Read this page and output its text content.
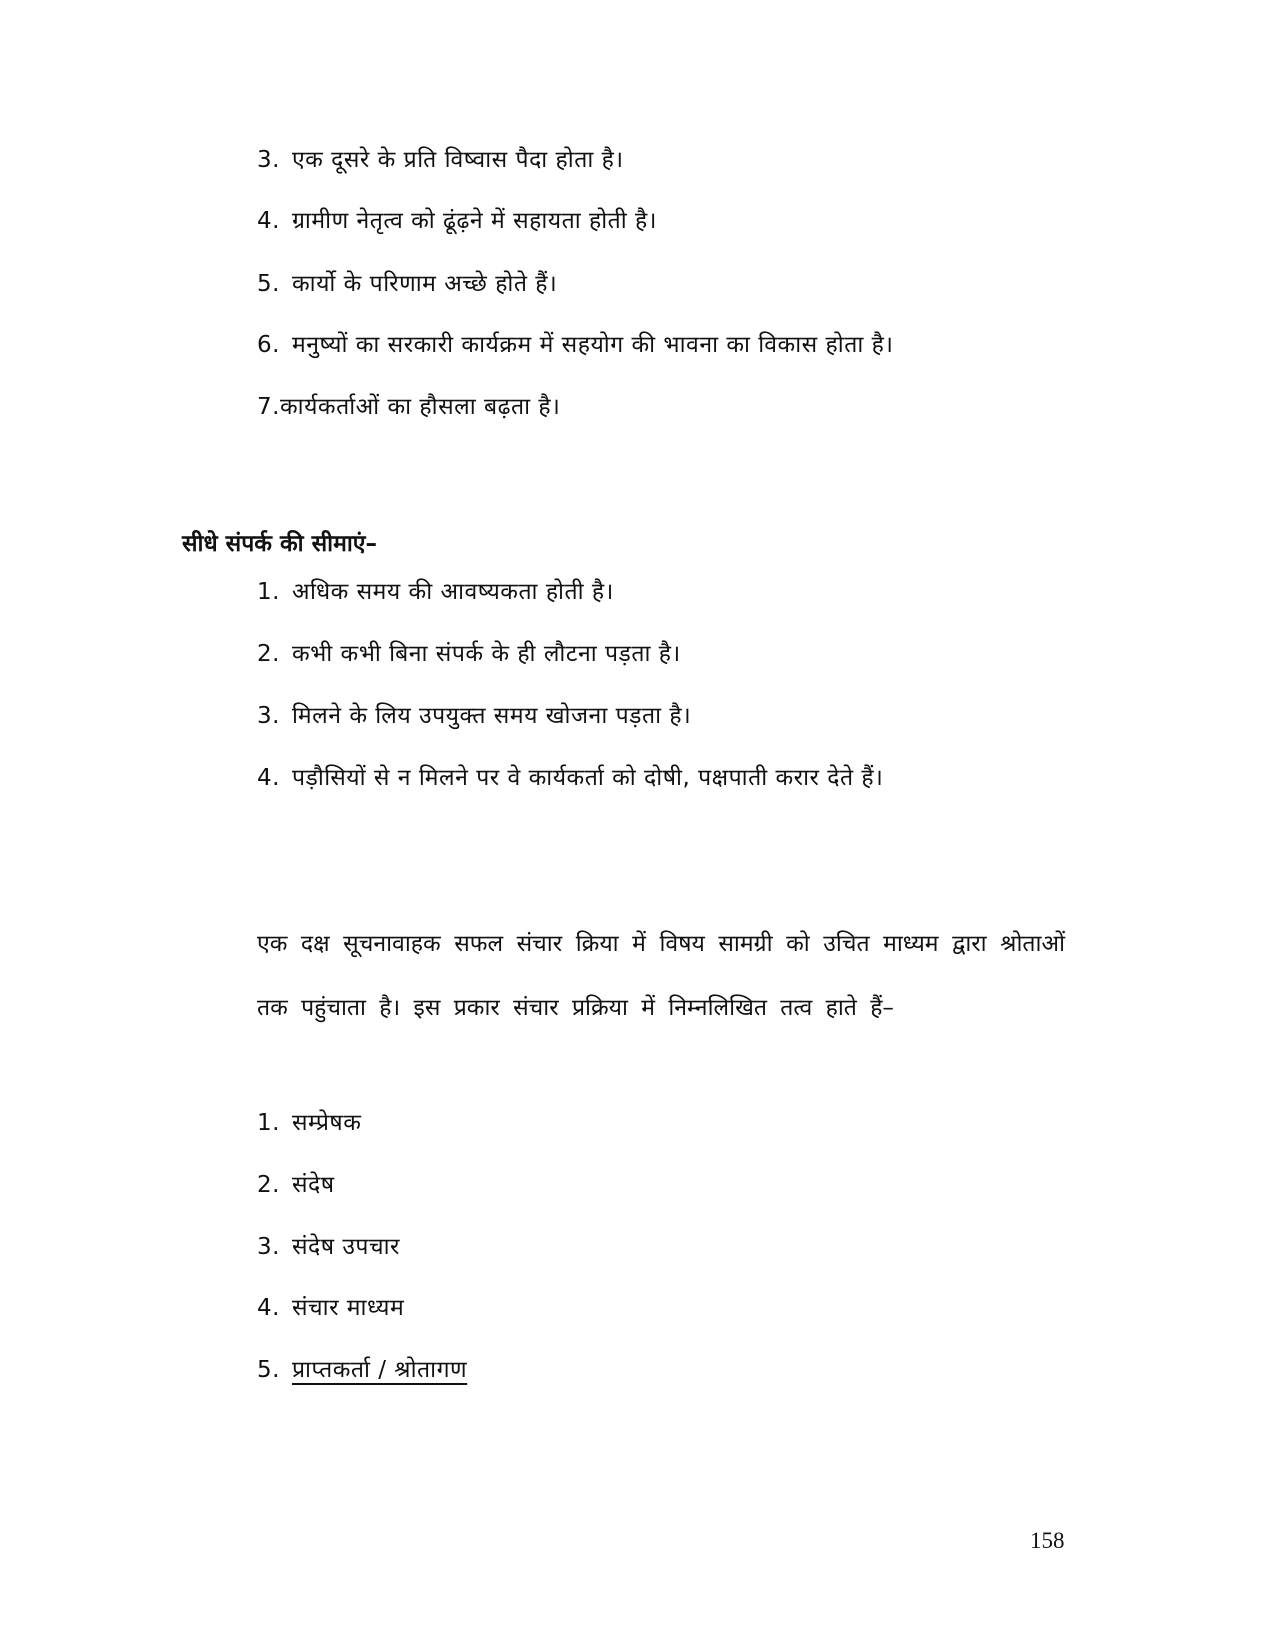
3. एक दूसरे के प्रति विष्वास पैदा होता है।
4. ग्रामीण नेतृत्व को ढूंढ़ने में सहायता होती है।
5. कार्यो के परिणाम अच्छे होते हैं।
6. मनुष्यों का सरकारी कार्यक्रम में सहयोग की भावना का विकास होता है।
7.कार्यकर्ताओं का हौसला बढ़ता है।
सीधे संपर्क की सीमाएं–
1. अधिक समय की आवष्यकता होती है।
2. कभी कभी बिना संपर्क के ही लौटना पड़ता है।
3. मिलने के लिय उपयुक्त समय खोजना पड़ता है।
4. पड़ौसियों से न मिलने पर वे कार्यकर्ता को दोषी, पक्षपाती करार देते हैं।
एक दक्ष सूचनावाहक सफल संचार क्रिया में विषय सामग्री को उचित माध्यम द्वारा श्रोताओं तक पहुंचाता है। इस प्रकार संचार प्रक्रिया में निम्नलिखित तत्व हाते हैं–
1. सम्प्रेषक
2. संदेष
3. संदेष उपचार
4. संचार माध्यम
5. प्राप्तकर्ता / श्रोतागण
158
